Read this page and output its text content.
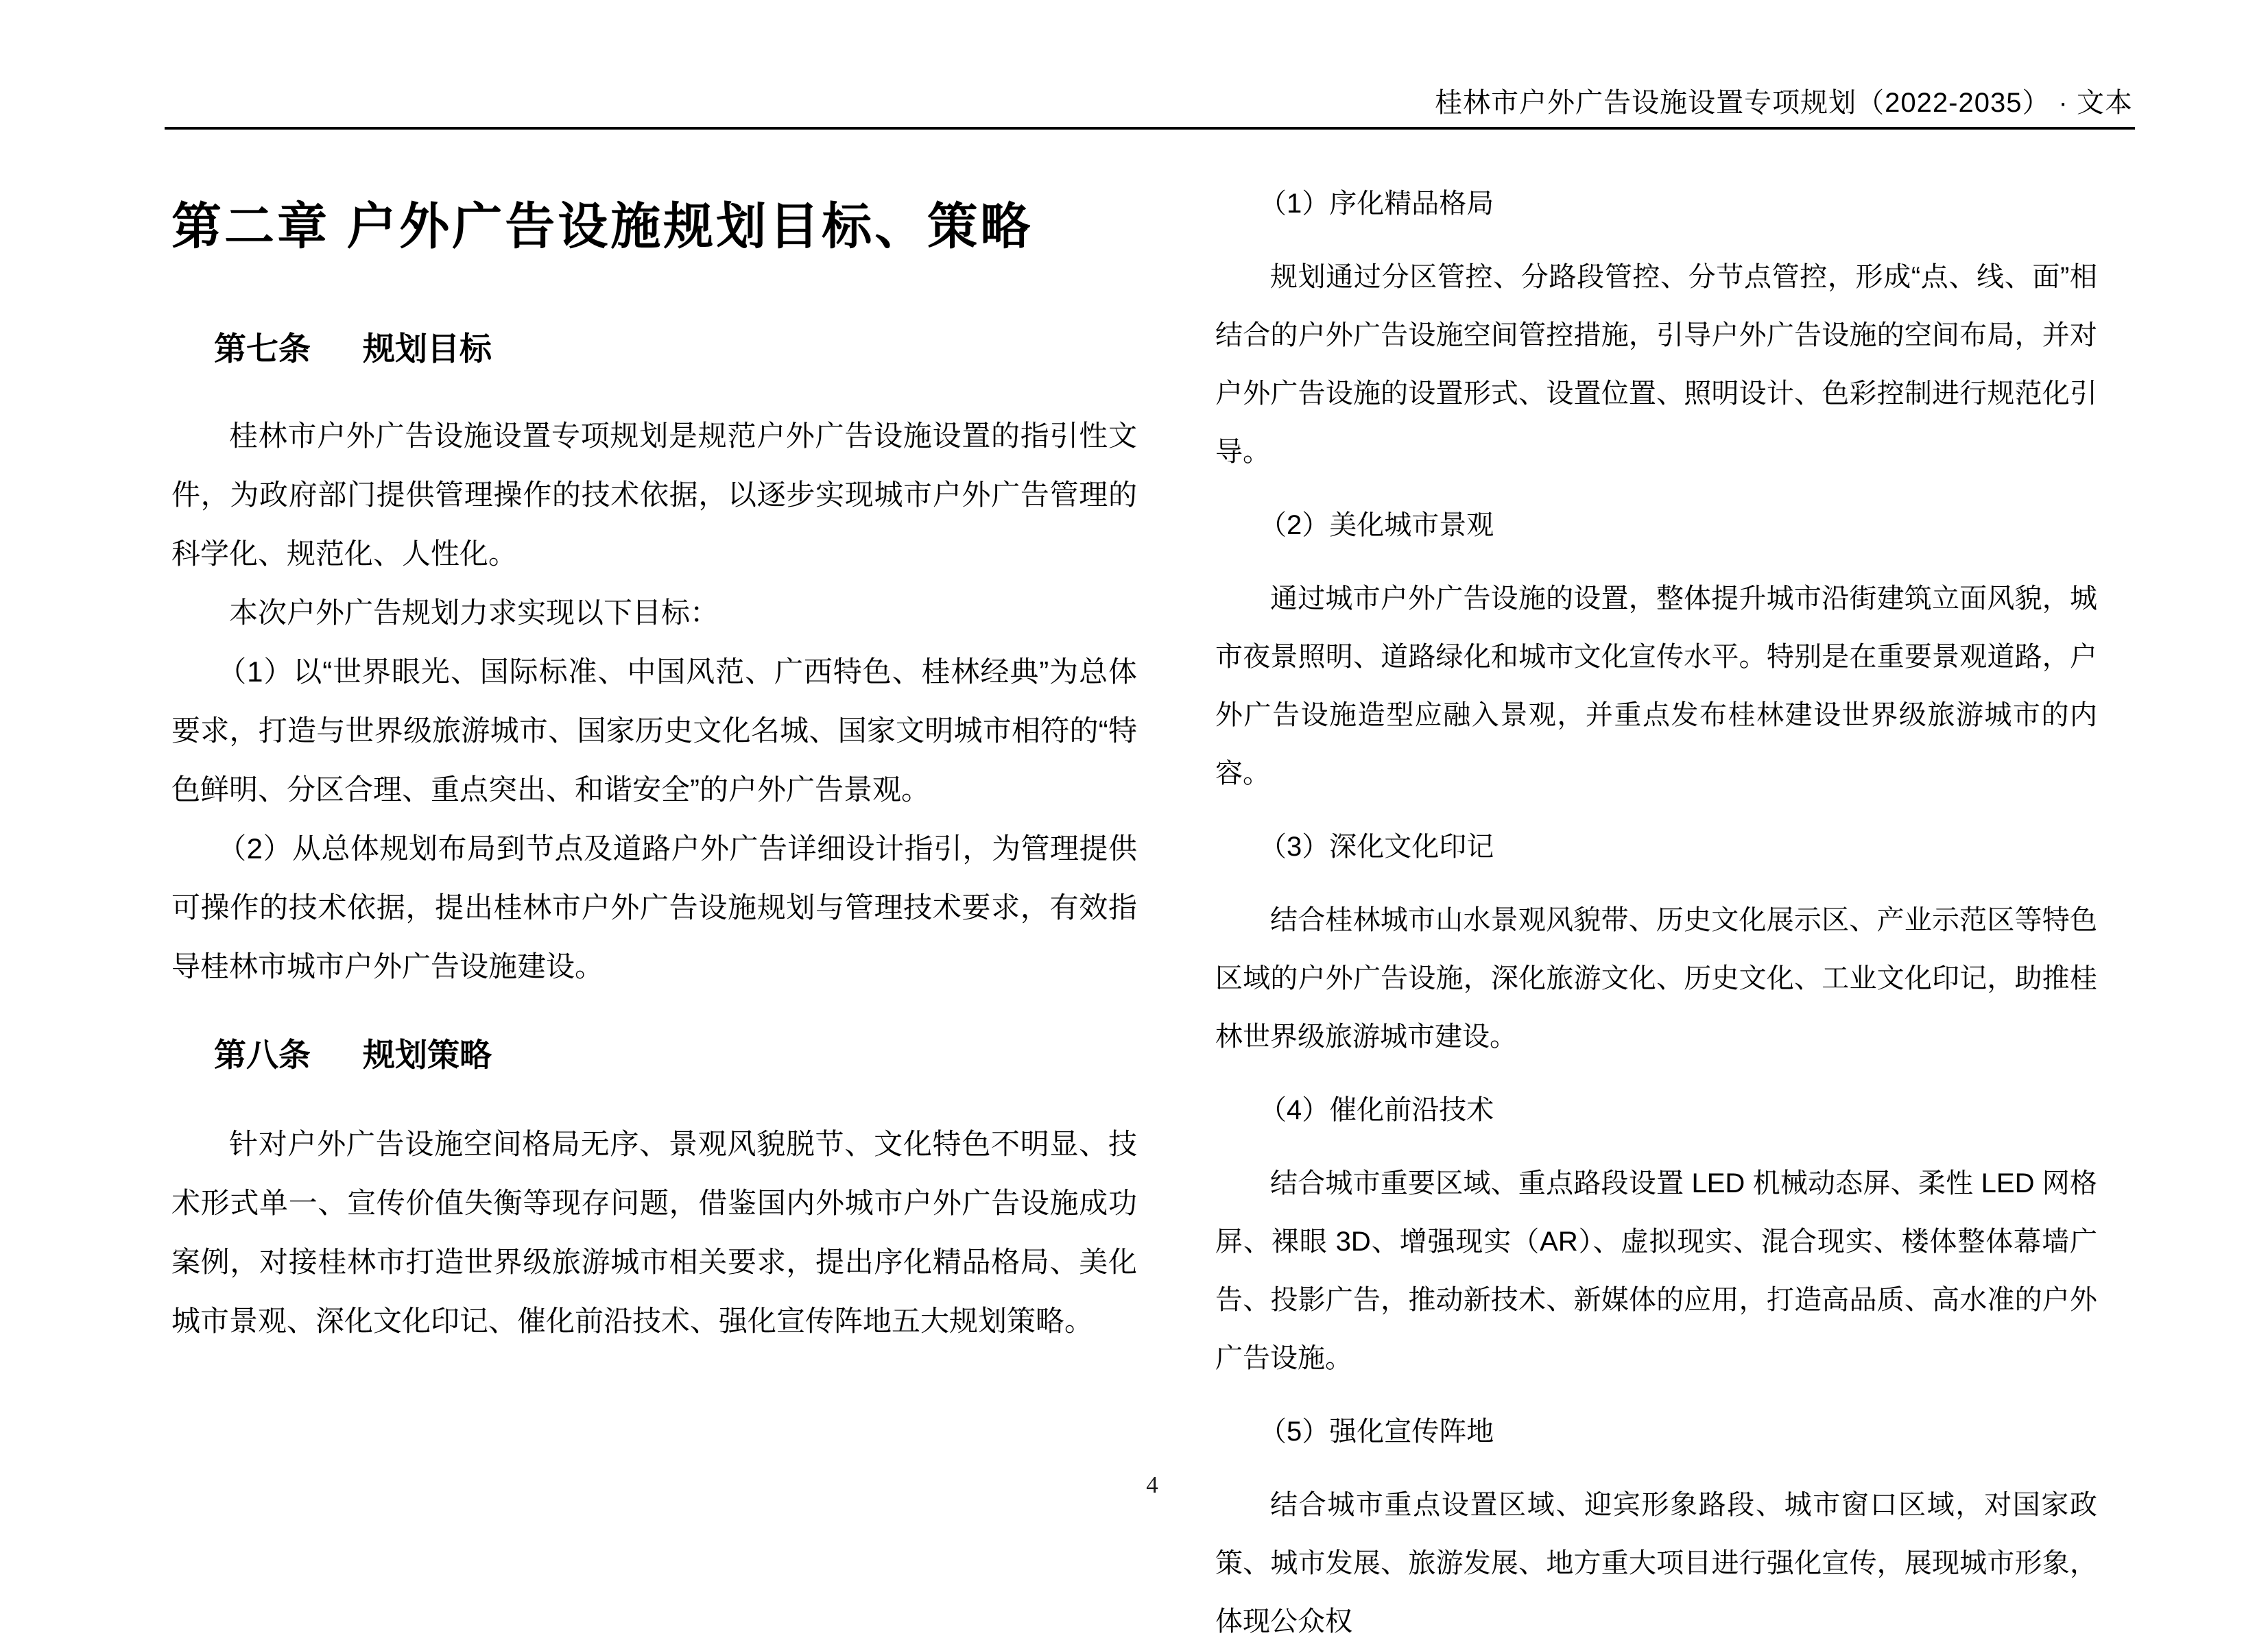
桂林市户外广告设施设置专项规划（2022-2035） · 文本
第二章 户外广告设施规划目标、策略
第七条 规划目标

桂林市户外广告设施设置专项规划是规范户外广告设施设置的指引性文件，为政府部门提供管理操作的技术依据，以逐步实现城市户外广告管理的科学化、规范化、人性化。

本次户外广告规划力求实现以下目标：

（1）以“世界眼光、国际标准、中国风范、广西特色、桂林经典”为总体要求，打造与世界级旅游城市、国家历史文化名城、国家文明城市相符的“特色鲜明、分区合理、重点突出、和谐安全”的户外广告景观。

（2）从总体规划布局到节点及道路户外广告详细设计指引，为管理提供可操作的技术依据，提出桂林市户外广告设施规划与管理技术要求，有效指导桂林市城市户外广告设施建设。

第八条 规划策略

针对户外广告设施空间格局无序、景观风貌脱节、文化特色不明显、技术形式单一、宣传价值失衡等现存问题，借鉴国内外城市户外广告设施成功案例，对接桂林市打造世界级旅游城市相关要求，提出序化精品格局、美化城市景观、深化文化印记、催化前沿技术、强化宣传阵地五大规划策略。

（1）序化精品格局

规划通过分区管控、分路段管控、分节点管控，形成“点、线、面”相结合的户外广告设施空间管控措施，引导户外广告设施的空间布局，并对户外广告设施的设置形式、设置位置、照明设计、色彩控制进行规范化引导。

（2）美化城市景观

通过城市户外广告设施的设置，整体提升城市沿街建筑立面风貌，城市夜景照明、道路绿化和城市文化宣传水平。特别是在重要景观道路，户外广告设施造型应融入景观，并重点发布桂林建设世界级旅游城市的内容。

（3）深化文化印记

结合桂林城市山水景观风貌带、历史文化展示区、产业示范区等特色区域的户外广告设施，深化旅游文化、历史文化、工业文化印记，助推桂林世界级旅游城市建设。

（4）催化前沿技术

结合城市重要区域、重点路段设置 LED 机械动态屏、柔性 LED 网格屏、裸眼 3D、增强现实（AR）、虚拟现实、混合现实、楼体整体幕墙广告、投影广告，推动新技术、新媒体的应用，打造高品质、高水准的户外广告设施。

（5）强化宣传阵地

结合城市重点设置区域、迎宾形象路段、城市窗口区域，对国家政策、城市发展、旅游发展、地方重大项目进行强化宣传，展现城市形象，体现公众权

4
